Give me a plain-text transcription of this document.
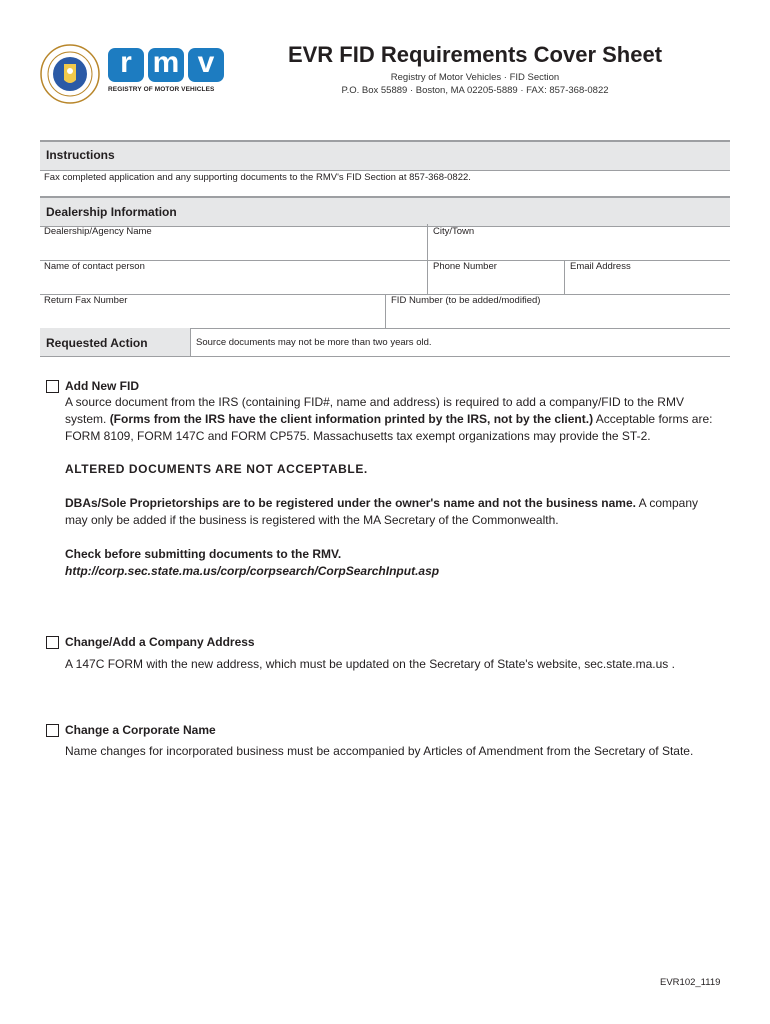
r m v
REGISTRY OF MOTOR VEHICLES
EVR FID Requirements Cover Sheet
Registry of Motor Vehicles · FID Section
P.O. Box 55889 · Boston, MA 02205-5889 · FAX: 857-368-0822
Instructions
Fax completed application and any supporting documents to the RMV's FID Section at 857-368-0822.
Dealership Information
Dealership/Agency Name	City/Town
Name of contact person	Phone Number	Email Address
Return Fax Number	FID Number (to be added/modified)
Requested Action	Source documents may not be more than two years old.
Add New FID
A source document from the IRS (containing FID#, name and address) is required to add a company/FID to the RMV system. (Forms from the IRS have the client information printed by the IRS, not by the client.) Acceptable forms are: FORM 8109, FORM 147C and FORM CP575. Massachusetts tax exempt organizations may provide the ST-2.
ALTERED DOCUMENTS ARE NOT ACCEPTABLE.
DBAs/Sole Proprietorships are to be registered under the owner's name and not the business name. A company may only be added if the business is registered with the MA Secretary of the Commonwealth.
Check before submitting documents to the RMV.
http://corp.sec.state.ma.us/corp/corpsearch/CorpSearchInput.asp
Change/Add a Company Address
A 147C FORM with the new address, which must be updated on the Secretary of State's website, sec.state.ma.us .
Change a Corporate Name
Name changes for incorporated business must be accompanied by Articles of Amendment from the Secretary of State.
EVR102_1119
